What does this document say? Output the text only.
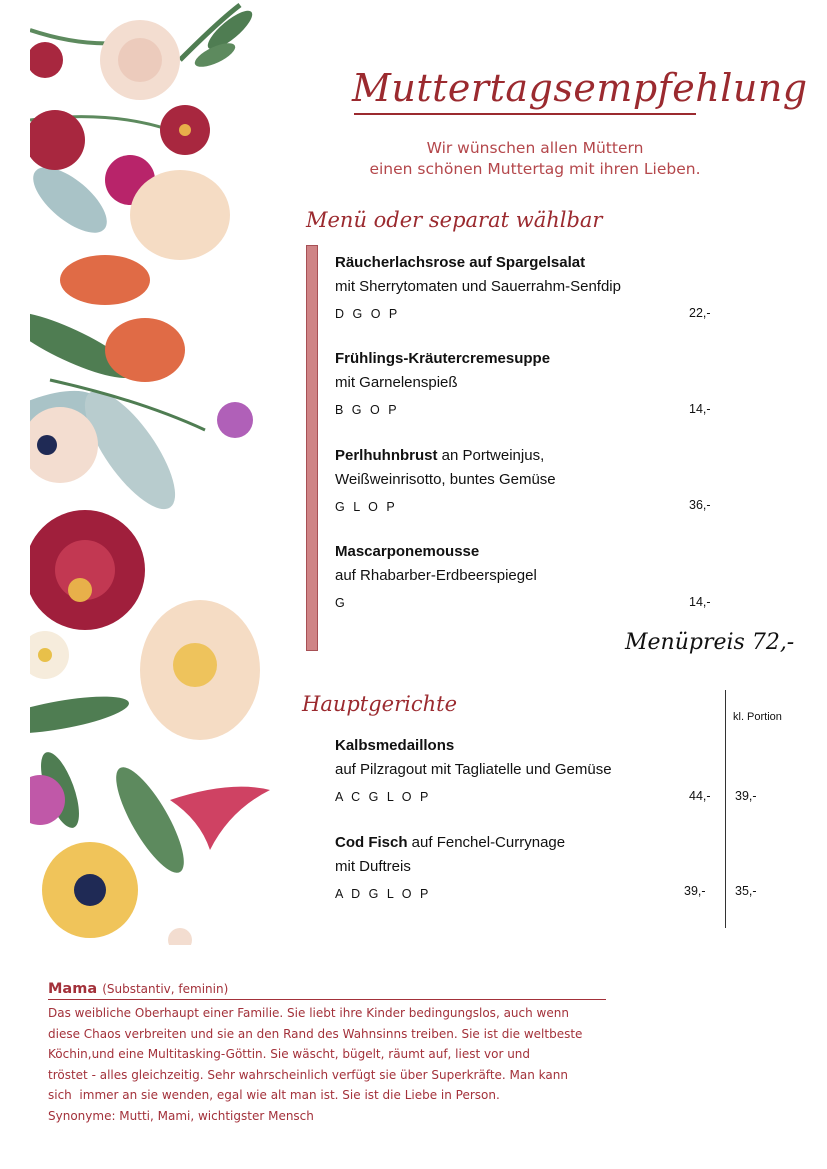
Muttertagsempfehlung
Wir wünschen allen Müttern
einen schönen Muttertag mit ihren Lieben.
Menü oder separat wählbar
Räucherlachsrose auf Spargelsalat
mit Sherrytomaten und Sauerrahm-Senfdip
D G O P	22,-
Frühlings-Kräutercremesuppe
mit Garnelenspieß
B G O P	14,-
Perlhuhnbrust an Portweinjus,
Weißweinrisotto, buntes Gemüse
G L O P	36,-
Mascarponemousse
auf Rhabarber-Erdbeerspiegel
G	14,-
Menüpreis 72,-
Hauptgerichte
kl. Portion
Kalbsmedaillons
auf Pilzragout mit Tagliatelle und Gemüse
A C G L O P	44,- 39,-
Cod Fisch auf Fenchel-Currynage
mit Duftreis
A D G L O P	39,- 35,-
Mama (Substantiv, feminin)
Das weibliche Oberhaupt einer Familie. Sie liebt ihre Kinder bedingungslos, auch wenn
diese Chaos verbreiten und sie an den Rand des Wahnsinns treiben. Sie ist die weltbeste
Köchin,und eine Multitasking-Göttin. Sie wäscht, bügelt, räumt auf, liest vor und
tröstet - alles gleichzeitig. Sehr wahrscheinlich verfügt sie über Superkräfte. Man kann
sich  immer an sie wenden, egal wie alt man ist. Sie ist die Liebe in Person.
Synonyme: Mutti, Mami, wichtigster Mensch
